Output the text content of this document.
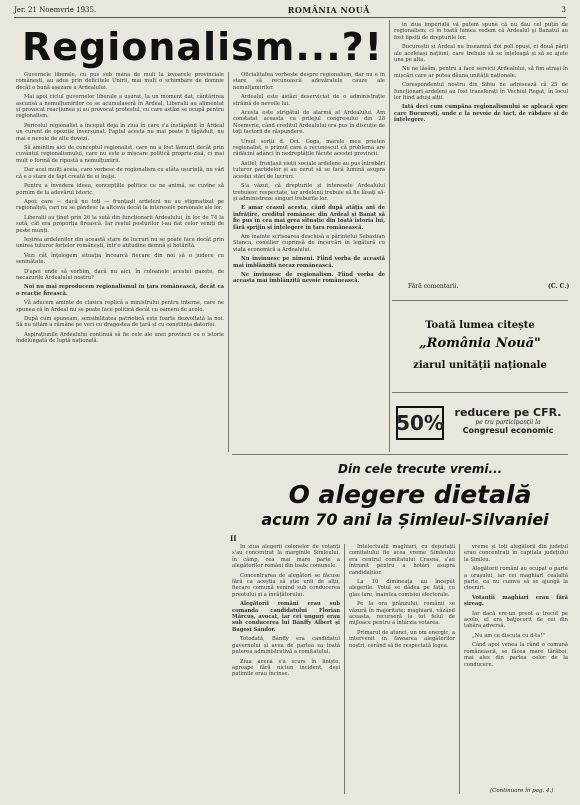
Jer. 21 Noemvrie 1935.	ROMÂNIA NOUĂ	3
Regionalism...?!

Guvernele liberale, cu pus sub mâna de muli la izvoarele provinciale românești, au adus prin deficitele Unirii, mai mult o schimbare de domnie decât o bună așezare a Ardealului.

Mai apoi ciclul guvernelor liberale a ușurat, la un moment dat, cântărirea ascunsă a nemulțumirilor ce se acumulaseră în Ardeal. Liberalii au alimentat și provocat reacțiunea și au provocat protestul, cu care astăzi se ocupă pentru regionalism.

Pericolul regionalist a început deja în ziua în care s'a înstăpânit în Ardeal un curent de opoziție înverșunat. Faptul acesta nu mai poate fi tăgăduit, nu mai e nevoie de alte dovezi.

Să amintim aici de conceptul regionalist, care nu a fost lămurit decât prin cuvântul regionalismului, care nu este o mișcare politică propriu-zisă, ci mai mult o formă de ripostă a nemulțumirii.

Dar acei mulți aceia, care vorbesc de regionalism cu atâta ușurință, nu văd că e o stare de fapt creată de ei înșiși.

Pentru a învedera ideea, concepțiile politice ce ne animă, se cuvine să pornim de la adevărul istoric.

Apoi: care — dacă nu toți — frunțașii ardeleni nu au stigmatizat pe regionaliști, cari nu se gândesc la altceva decât la interesele personale ale lor.

Liberalii au ținut prin 26 la sută din funcționarii Ardealului, în loc de 74 la sută, cât era proporția firească. Iar restul posturilor l-au dat celor veniți de peste munți.

Ieșirea ardelenilor din această stare de lucruri nu se poate face decât prin unirea tuturor forțelor românești, într'o atitudine demnă și hotărîtă.

Vezi cât înțelegem situația încearcă fiecare din noi să o judece cu seninătate.

D'apoi unde să vorbim, dacă nu aici, în coloanele acestei gazete, de necazurile Ardealului nostru?

Noi nu mai reproducem regionalismul în țara românească, decât ca o reacție firească.

Vă aducem aminte de clasica replică a ministrului pentru interne, care ne spunea că în Ardeal nu se poate face politică decât cu oameni de acolo.

După cum spuneam, sensibilitatea patriotică este foarte dezvoltată la noi. Să nu uităm a rămâne pe veci cu dragostea de țară și cu conștiința datoriei.

Aspirațiunile Ardealului continuă să fie cele ale unei provincii cu o istorie îndelungată de luptă națională.

Oficialitatea vorbește despre regionalism, dar nu e în stare să recunoască adevăratele cauze ale nemulțumirilor.

Ardealul este astăzi deserviciat de o administrație străină de nevoile lui.

Acesta este strigătul de alarmă al Ardealului. Am constatat aceasta cu prilejul congresului din 28 Noemvrie, când creditul Ardealului era pus în discuție de toți factorii de răspundere.

Ursul sorții d. Oct. Goga, marele meu prieten regionalist, e primul care a recunoscut că problema are rădăcini adânci în nedreptățile făcute acestei provincii.

Astfel, frunțașii vieții sociale ardelene au pus întrebări tuturor partidelor și au cerut să se facă lumină asupra acestei stări de lucruri.

S'a văzut, că drepturile și interesele Ardealului trebuiesc respectate, iar ardelenii trebuie să fie lăsați să-și administreze singuri treburile lor.

E amar ceasul acesta, când după atâția ani de înfrățire, creditul românesc din Ardeal și Banat să fie pus în cea mai grea situație din toată istoria lui, fără sprijin și înțelegere în țara românească.

Am înainte scrisoarea deschisă a părintelui Sebastian Stanca, consilier cuprinsă de încercări în legătură cu viața economică a Ardealului.

Nu învinuesc pe nimeni. Fiind vorba de această mai imblânzită necaz românească.

Ne învinuesc de regionalism. Fiind vorba de aceasta mai îmblânzită nevoie românească.

în ziua imperială vă putem spune că nu dau cel puțin de regionalism; ci în toată lumea vedem că Ardealul și Banatul au fost lipsiți de drepturile lor.

Bucureștii și Ardeal nu înseamnă doi poli opuși, ci două părți ale aceleiași națiuni, care trebuie să se înțeleagă și să se ajute una pe alta.

Nu ne lăsăm, pentru a face servicii Ardealului, să fim atrași în mișcări care ar putea dăuna unității naționale.

Corespondentul nostru din Sibiu ne adresează că 25 de funcționari ardeleni au fost transferați în Vechiul Regat, în locul lor fiind aduși alții.

Iată deci cum cumpăna regionalismului se apleacă spre care București, unde e la nevoie de tact, de răbdare și de înțelegere.

Fără comentarii.	(C. C.)
Toată lumea citește
„România Nouă"
ziarul unității naționale
50% reducere pe CFR.
pe tru participanții la
Congresul economic
Din cele trecute vremi...
O alegere dietală
acum 70 ani la Șimleul-Silvaniei
II

În ziua alegerii colonelor de votanți s'au concentrat la marginile Șimleului, în câmp, cea mai mare parte a alegătorilor români din toate comunele.

Concentrarea de alegători se făcuse fără ca aceștia să știe unii de alții, fiecare comună venind sub conducerea preotului și a învățătorului.

Alegătorii români erau sub comanda candidatului Florian Mărcuș, avocat, iar cei unguri erau sub conducerea lui Bánffy Albert și Bagosi Sándor.

Totodată, Bánffy era candidatul guvernului și avea de partea sa toată puterea administrativă a comitatului.

Ziua aceea s'a scurs în liniște, aproape fără niciun incident, deși patimile erau încinse.

Intelectualii maghiari, cu deputații comitatului fie acea vreme Simleului era centrul comitatului Crasna, s'au întrunit pentru a hotărî asupra candidaților.

La 10 dimineața au început alegerile. Votul se dădea pe față, cu glas tare, înaintea comisiei electorale.

Pe la ora prânzului, românii se văzură în majoritate; maghiarii, văzând aceasta, recurseră la tot felul de mijloace pentru a întârzia votarea.

Primarul de atunci, un om energic, a intervenit în favoarea alegătorilor noștri, cerând să fie respectată legea.

vreme și toți alegătorii din județul erau concentrați în capitala județului la Șimleu.

Alegătorii români au ocupat o parte a orașului, iar cei maghiari cealaltă parte, ca nu cumva să se ajungă la ciocniri.

Votanții maghiari erau fără șireag.

Iar dacă vre-un preot a trecut pe acolo, el era batjocorit de cei din tabăra adversă.

„Nu am ce discuta cu d-ta!"

Când apoi venea la rând o comună românească, se făcea mare tărăboi, mai ales din partea celor de la conducere.

(Continuare în pag. 4.)
